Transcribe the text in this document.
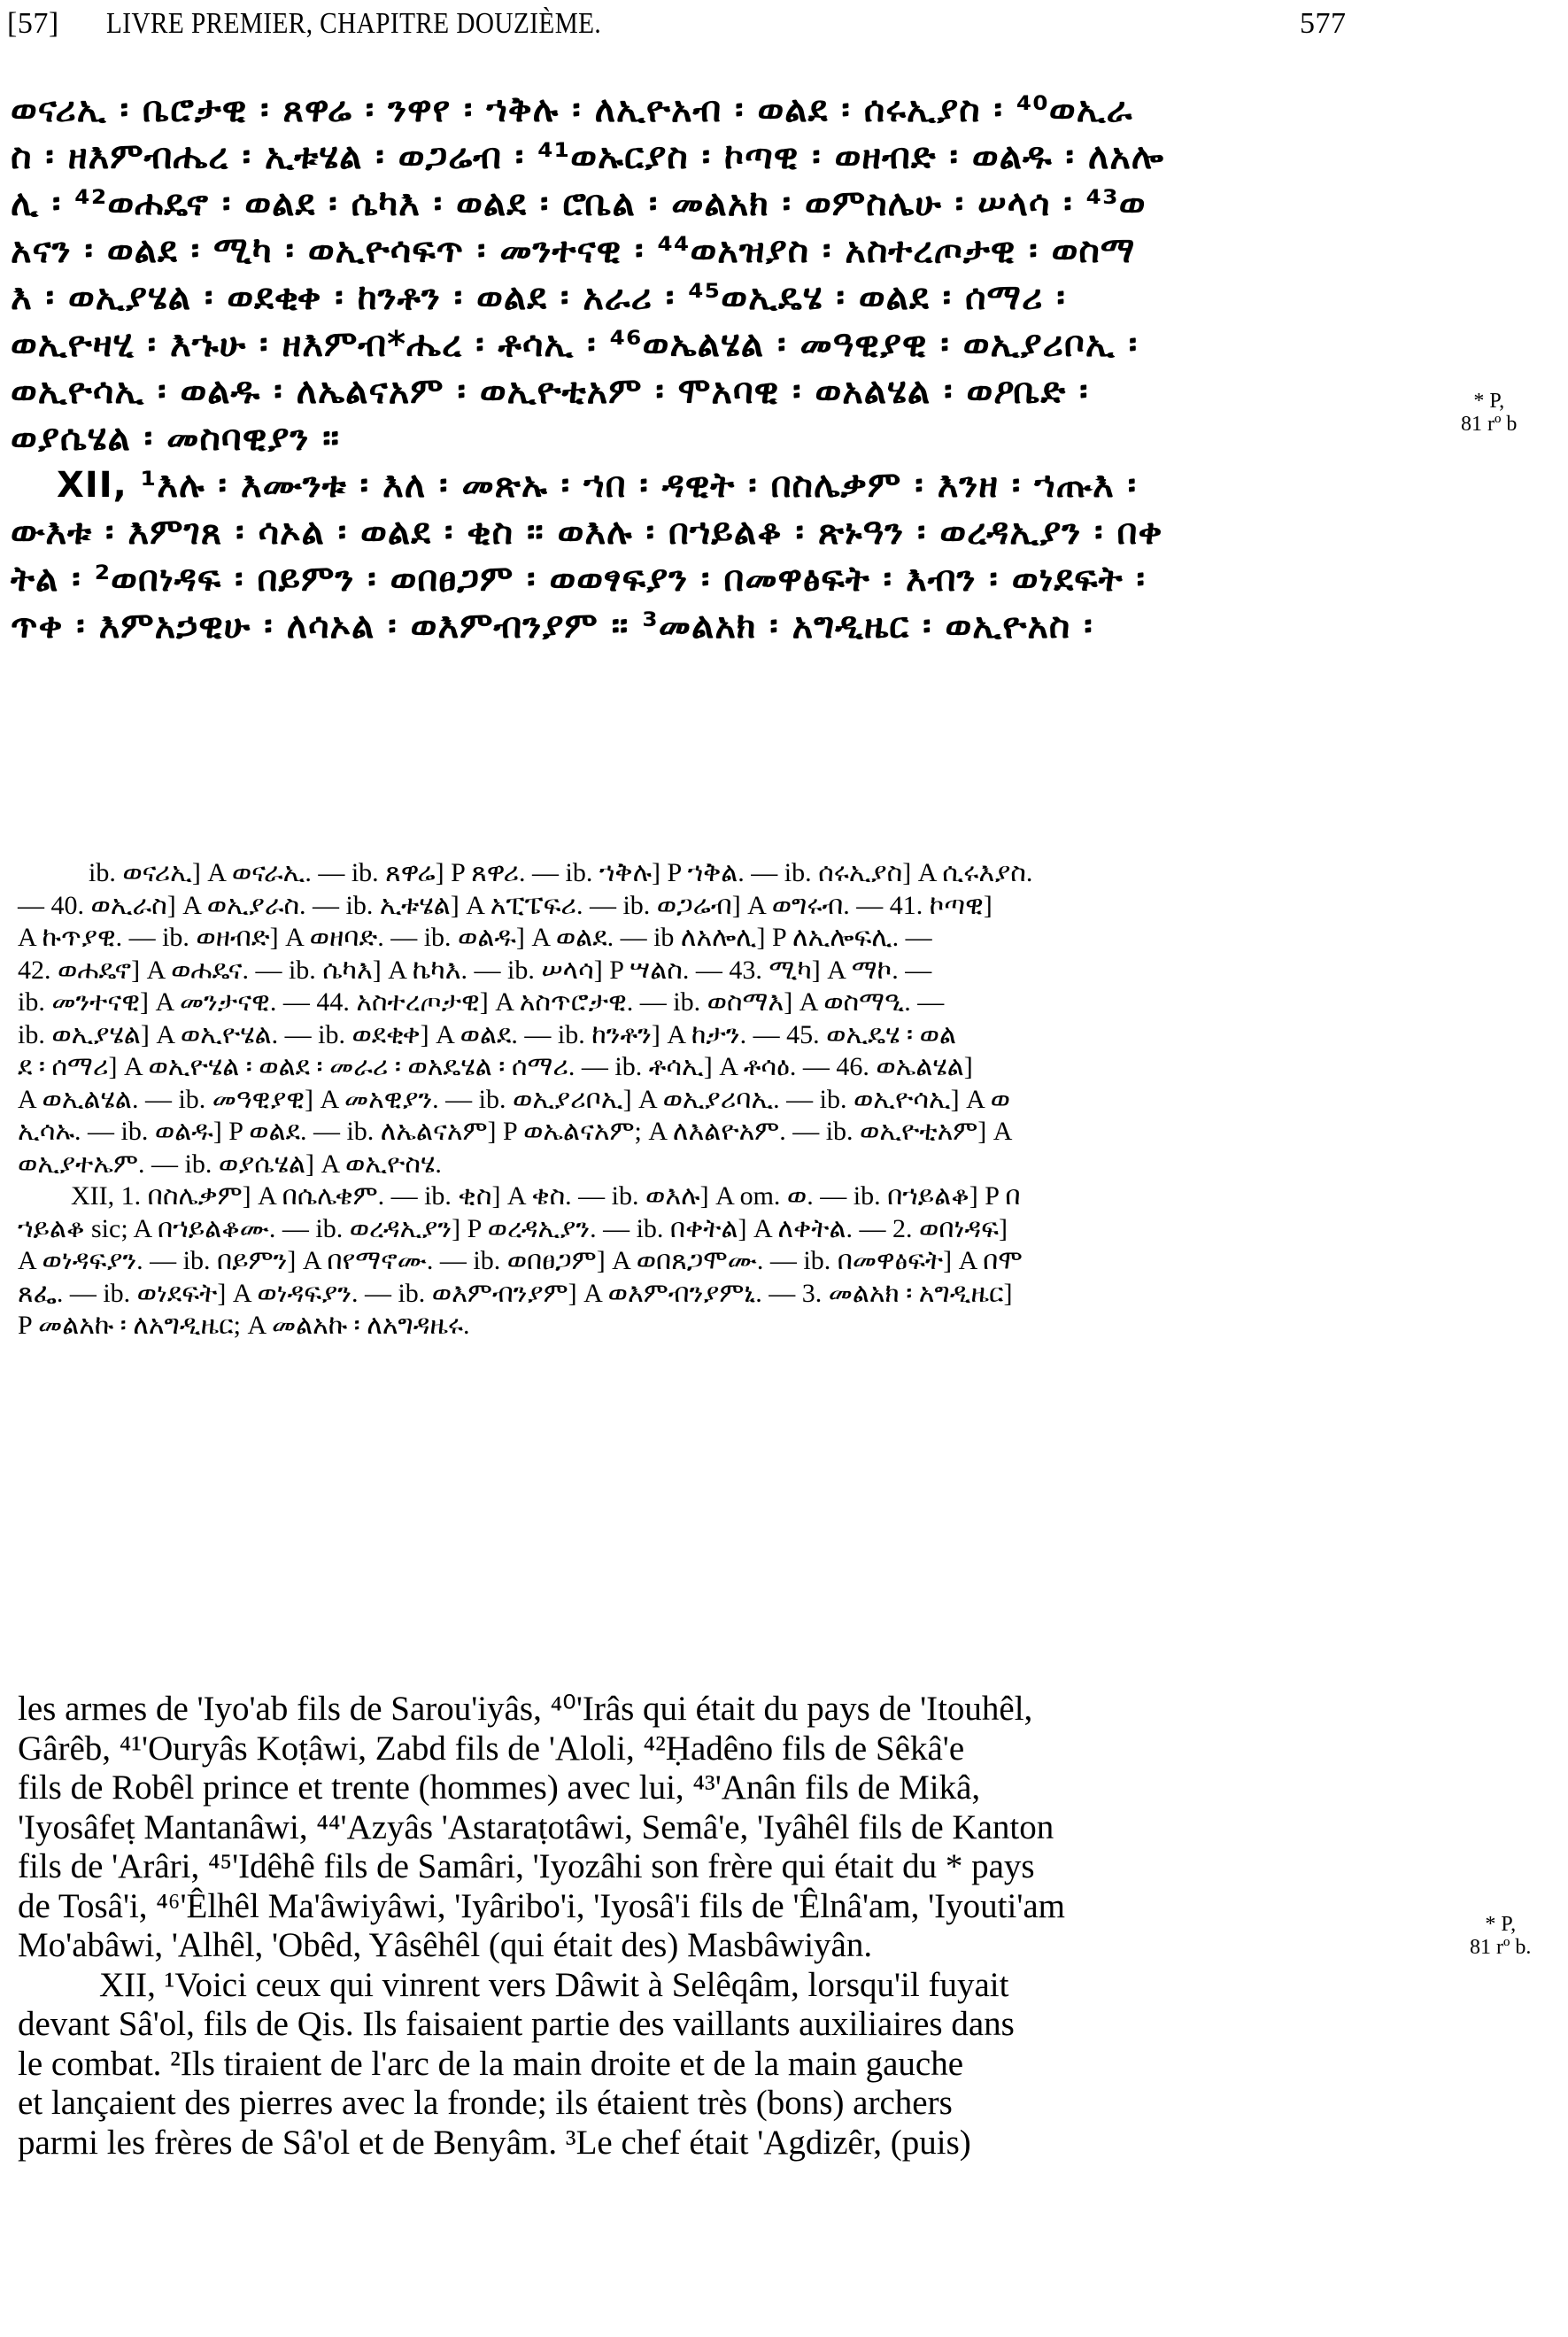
[57] LIVRE PREMIER, CHAPITRE DOUZIÈME.	577
ወናሪኢ ፡ ቤሮታዊ ፡ ጸዋሬ ፡ ንዋየ ፡ ኀቅሉ ፡ ለኢዮአብ ፡ ወልደ ፡ ሰሩኢያስ ፡ ⁴⁰ወኢራ
ስ ፡ ዘእምብሔረ ፡ ኢቱሄል ፡ ወጋሬብ ፡ ⁴¹ወኡርያስ ፡ ኮጣዊ ፡ ወዘብድ ፡ ወልዱ ፡ ለአሎ
ሊ ፡ ⁴²ወሐዴኖ ፡ ወልደ ፡ ሴካእ ፡ ወልደ ፡ ሮቤል ፡ መልአክ ፡ ወምስሌሁ ፡ ሠላሳ ፡ ⁴³ወ
አናን ፡ ወልደ ፡ ሚካ ፡ ወኢዮሳፍጥ ፡ መንተናዊ ፡ ⁴⁴ወአዝያስ ፡ አስተረጦታዊ ፡ ወስማ
እ ፡ ወኢያሄል ፡ ወደቂቀ ፡ ከንቶን ፡ ወልደ ፡ አራሪ ፡ ⁴⁵ወኢዴሄ ፡ ወልደ ፡ ሰማሪ ፡
ወኢዮዛሂ ፡ እኁሁ ፡ ዘእምብ*ሔረ ፡ ቶሳኢ ፡ ⁴⁶ወኤልሄል ፡ መዓዊያዊ ፡ ወኢያሪቦኢ ፡
ወኢዮሳኢ ፡ ወልዱ ፡ ለኤልናአም ፡ ወኢዮቲአም ፡ ሞአባዊ ፡ ወአልሄል ፡ ወዖቤድ ፡
ወያሴሄል ፡ መስባዊያን ።
XII, ¹እሉ ፡ እሙንቱ ፡ እለ ፡ መጽኡ ፡ ኀበ ፡ ዳዊት ፡ በስሌቃም ፡ እንዘ ፡ ኀጡእ ፡
ውእቱ ፡ እምገጸ ፡ ሳኦል ፡ ወልደ ፡ ቂስ ። ወእሉ ፡ በኀይልቆ ፡ ጽኑዓን ፡ ወረዳኢያን ፡ በቀ
ትል ፡ ²ወበነዳፍ ፡ በይምን ፡ ወበፀጋም ፡ ወወፃፍያን ፡ በመዋፅፍት ፡ እብን ፡ ወነደፍት ፡
ጥቀ ፡ እምአኃዊሁ ፡ ለሳኦል ፡ ወእምብንያም ። ³መልአክ ፡ አግዲዜር ፡ ወኢዮአስ ፡
* P,
81 rº b
ib. ወናሪኢ] A ወናራኢ. — ib. ጸዋሬ] P ጸዋሪ. — ib. ኀቅሉ] P ኀቅል. — ib. ሰሩኢያስ] A ሲሩእያስ.
— 40. ወኢራስ] A ወኢያራስ. — ib. ኢቱሄል] A አፒፔፍሪ. — ib. ወጋሬብ] A ወግሩብ. — 41. ኮጣዊ]
A ኩጥያዊ. — ib. ወዘብድ] A ወዘባድ. — ib. ወልዱ] A ወልደ. — ib ለአሎሊ] P ለኢሎፍሊ. —
42. ወሐዴኖ] A ወሐዴና. — ib. ሴካእ] A ኬካእ. — ib. ሠላሳ] P ሣልስ. — 43. ሚካ] A ማኮ. —
ib. መንተናዊ] A መንታናዊ. — 44. አስተረጦታዊ] A አስጥሮታዊ. — ib. ወስማእ] A ወስማዒ. —
ib. ወኢያሄል] A ወኢዮሄል. — ib. ወደቂቀ] A ወልደ. — ib. ከንቶን] A ከታን. — 45. ወኢዴሄ ፡ ወል
ደ ፡ ሰማሪ] A ወኢዮሄል ፡ ወልደ ፡ መራሪ ፡ ወአዴሄል ፡ ሰማሪ. — ib. ቶሳኢ] A ቶሳዕ. — 46. ወኤልሄል]
A ወኢልሄል. — ib. መዓዊያዊ] A መአዊያን. — ib. ወኢያሪቦኢ] A ወኢያሪባኢ. — ib. ወኢዮሳኢ] A ወ
ኢሳኡ. — ib. ወልዱ] P ወልደ. — ib. ለኤልናአም] P ወኤልናአም; A ለእልዮአም. — ib. ወኢዮቲአም] A
ወኢያተኤም. — ib. ወያሴሄል] A ወኢዮስሄ.
XII, 1. በስሌቃም] A በሴሌቄም. — ib. ቂስ] A ቄስ. — ib. ወእሉ] A om. ወ. — ib. በኀይልቆ] P በ
ኀይልቆ sic; A በኀይልቆሙ. — ib. ወረዳኢያን] P ወረዳኢያን. — ib. በቀትል] A ለቀትል. — 2. ወበነዳፍ]
A ወነዳፍያን. — ib. በይምን] A በየማኖሙ. — ib. ወበፀጋም] A ወበጸጋሞሙ. — ib. በመዋፅፍት] A በሞ
ጸፌ. — ib. ወነደፍት] A ወነዳፍያን. — ib. ወእምብንያም] A ወእምብንያምኒ. — 3. መልአክ ፡ አግዲዜር]
P መልአኩ ፡ ለአግዲዜር; A መልአኩ ፡ ለአግዳዜሩ.
les armes de 'Iyo'ab fils de Sarou'iyâs, ⁴⁰'Irâs qui était du pays de 'Itouhêl,
Gârêb, ⁴¹'Ouryâs Koṭâwi, Zabd fils de 'Aloli, ⁴²Ḥadêno fils de Sêkâ'e
fils de Robêl prince et trente (hommes) avec lui, ⁴³'Anân fils de Mikâ,
'Iyosâfeṭ Mantanâwi, ⁴⁴'Azyâs 'Astaraṭotâwi, Semâ'e, 'Iyâhêl fils de Kanton
fils de 'Arâri, ⁴⁵'Idêhê fils de Samâri, 'Iyozâhi son frère qui était du * pays
de Tosâ'i, ⁴⁶'Êlhêl Ma'âwiyâwi, 'Iyâribo'i, 'Iyosâ'i fils de 'Êlnâ'am, 'Iyouti'am
Mo'abâwi, 'Alhêl, 'Obêd, Yâsêhêl (qui était des) Masbâwiyân.
XII, ¹Voici ceux qui vinrent vers Dâwit à Selêqâm, lorsqu'il fuyait
devant Sâ'ol, fils de Qis. Ils faisaient partie des vaillants auxiliaires dans
le combat. ²Ils tiraient de l'arc de la main droite et de la main gauche
et lançaient des pierres avec la fronde; ils étaient très (bons) archers
parmi les frères de Sâ'ol et de Benyâm. ³Le chef était 'Agdizêr, (puis)
* P,
81 rº b.
